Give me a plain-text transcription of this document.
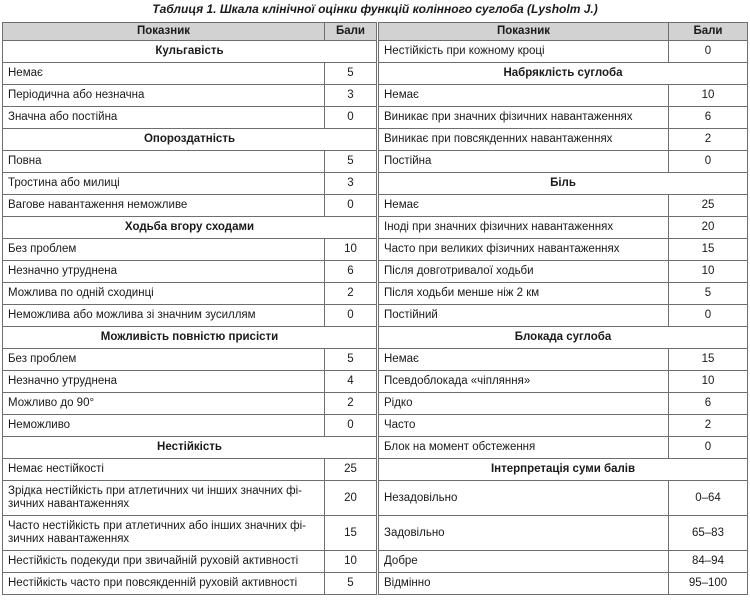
Таблиця 1. Шкала клінічної оцінки функцій колінного суглоба (Lysholm J.)
Показник	Бали		Показник	Бали
Кульгавість			Нестійкість при кожному кроці	0
Немає	5		Набряклість суглоба	
Періодична або незначна	3		Немає	10
Значна або постійна	0		Виникає при значних фізичних навантаженнях	6
Опороздатність			Виникає при повсякденних навантаженнях	2
Повна	5		Постійна	0
Тростина або милиці	3		Біль	
Вагове навантаження неможливе	0		Немає	25
Ходьба вгору сходами			Іноді при значних фізичних навантаженнях	20
Без проблем	10		Часто при великих фізичних навантаженнях	15
Незначно утруднена	6		Після довготривалої ходьби	10
Можлива по одній сходинці	2		Після ходьби менше ніж 2 км	5
Неможлива або можлива зі значним зусиллям	0		Постійний	0
Можливість повністю присісти			Блокада суглоба	
Без проблем	5		Немає	15
Незначно утруднена	4		Псевдоблокада «чіпляння»	10
Можливо до 90°	2		Рідко	6
Неможливо	0		Часто	2
Нестійкість			Блок на момент обстеження	0
Немає нестійкості	25		Інтерпретація суми балів	
Зрідка нестійкість при атлетичних чи інших значних фі-
зичних навантаженнях	20		Незадовільно	0–64
Часто нестійкість при атлетичних або інших значних фі-
зичних навантаженнях	15		Задовільно	65–83
Нестійкість подекуди при звичайній руховій активності	10		Добре	84–94
Нестійкість часто при повсякденній руховій активності	5		Відмінно	95–100
